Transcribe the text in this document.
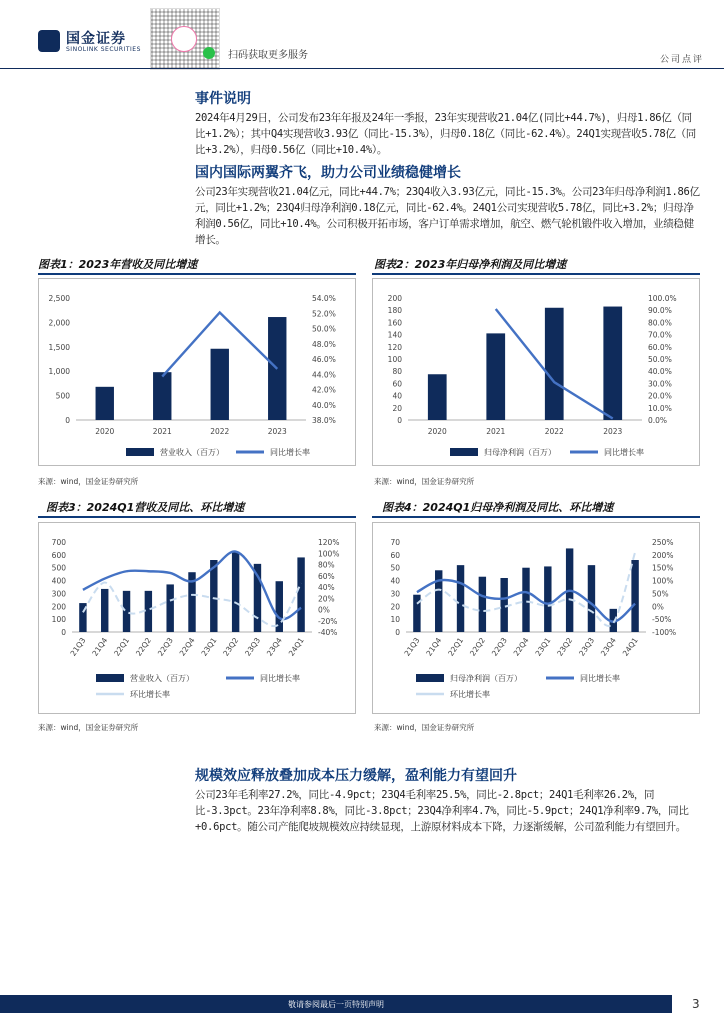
国金证券
SINOLINK SECURITIES
扫码获取更多服务	公司点评
事件说明
2024年4月29日，公司发布23年年报及24年一季报，23年实现营收21.04亿(同比+44.7%)，归母1.86亿（同比+1.2%）；其中Q4实现营收3.93亿（同比-15.3%），归母0.18亿（同比-62.4%）。24Q1实现营收5.78亿（同比+3.2%），归母0.56亿（同比+10.4%）。
国内国际两翼齐飞，助力公司业绩稳健增长
公司23年实现营收21.04亿元，同比+44.7%；23Q4收入3.93亿元，同比-15.3%。公司23年归母净利润1.86亿元，同比+1.2%；23Q4归母净利润0.18亿元，同比-62.4%。24Q1公司实现营收5.78亿，同比+3.2%；归母净利润0.56亿，同比+10.4%。公司积极开拓市场，客户订单需求增加，航空、燃气轮机锻件收入增加，业绩稳健增长。
图表1：2023年营收及同比增速	图表2：2023年归母净利润及同比增速
0
500
1,000
1,500
2,000
2,500
38.0%
40.0%
42.0%
44.0%
46.0%
48.0%
50.0%
52.0%
54.0%
2020	2021	2022	2023
营业收入（百万）	同比增长率
0
20
40
60
80
100
120
140
160
180
200
0.0%
10.0%
20.0%
30.0%
40.0%
50.0%
60.0%
70.0%
80.0%
90.0%
100.0%
2020	2021	2022	2023
归母净利润（百万）	同比增长率
来源：wind，国金证券研究所	来源：wind，国金证券研究所
图表3：2024Q1营收及同比、环比增速	图表4：2024Q1归母净利润及同比、环比增速
0
100
200
300
400
500
600
700
-40%
-20%
0%
20%
40%
60%
80%
100%
120%
21Q3 21Q4 22Q1 22Q2 22Q3 22Q4 23Q1 23Q2 23Q3 23Q4 24Q1
营业收入（百万）	同比增长率
环比增长率
0
10
20
30
40
50
60
70
-100%
-50%
0%
50%
100%
150%
200%
250%
21Q3 21Q4 22Q1 22Q2 22Q3 22Q4 23Q1 23Q2 23Q3 23Q4 24Q1
归母净利润（百万）	同比增长率
环比增长率
来源：wind，国金证券研究所	来源：wind，国金证券研究所
规模效应释放叠加成本压力缓解，盈利能力有望回升
公司23年毛利率27.2%，同比-4.9pct；23Q4毛利率25.5%，同比-2.8pct；24Q1毛利率26.2%，同比-3.3pct。23年净利率8.8%，同比-3.8pct；23Q4净利率4.7%，同比-5.9pct；24Q1净利率9.7%，同比+0.6pct。随公司产能爬坡规模效应持续显现，上游原材料成本下降，力逐渐缓解，公司盈利能力有望回升。
敬请参阅最后一页特别声明	3
